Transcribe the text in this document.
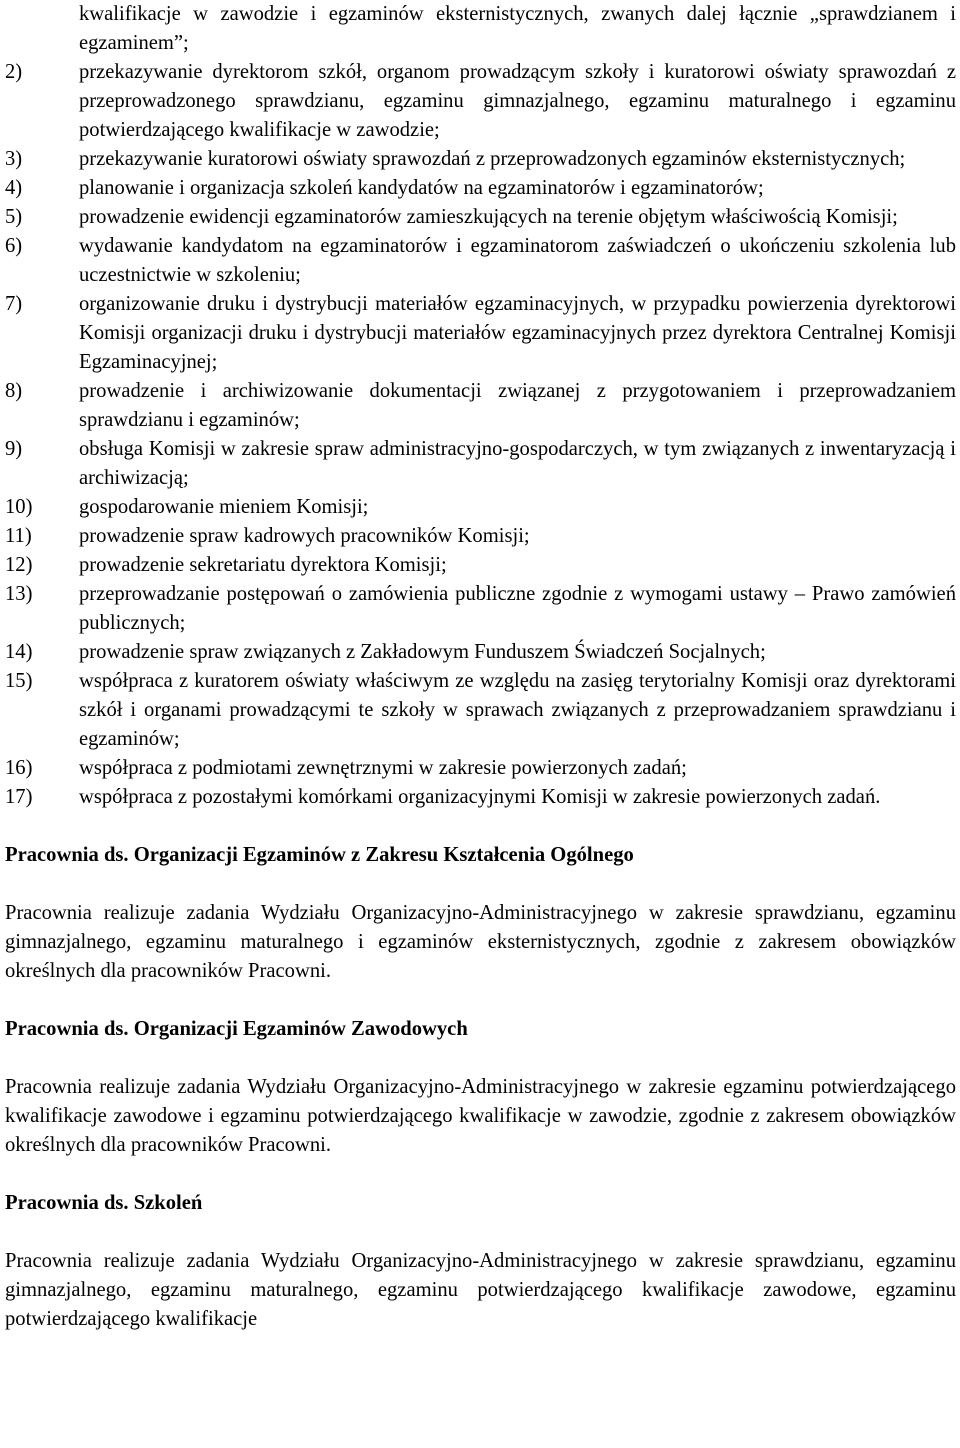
kwalifikacje w zawodzie i egzaminów eksternistycznych, zwanych dalej łącznie „sprawdzianem i egzaminem”;
2)	przekazywanie dyrektorom szkół, organom prowadzącym szkoły i kuratorowi oświaty sprawozdań z przeprowadzonego sprawdzianu, egzaminu gimnazjalnego, egzaminu maturalnego i egzaminu potwierdzającego kwalifikacje w zawodzie;
3)	przekazywanie kuratorowi oświaty sprawozdań z przeprowadzonych egzaminów eksternistycznych;
4)	planowanie i organizacja szkoleń kandydatów na egzaminatorów i egzaminatorów;
5)	prowadzenie ewidencji egzaminatorów zamieszkujących na terenie objętym właściwością Komisji;
6)	wydawanie kandydatom na egzaminatorów i egzaminatorom zaświadczeń o ukończeniu szkolenia lub uczestnictwie w szkoleniu;
7)	organizowanie druku i dystrybucji materiałów egzaminacyjnych, w przypadku powierzenia dyrektorowi Komisji organizacji druku i dystrybucji materiałów egzaminacyjnych przez dyrektora Centralnej Komisji Egzaminacyjnej;
8)	prowadzenie i archiwizowanie dokumentacji związanej z przygotowaniem i przeprowadzaniem sprawdzianu i egzaminów;
9)	obsługa Komisji w zakresie spraw administracyjno-gospodarczych, w tym związanych z inwentaryzacją i archiwizacją;
10) gospodarowanie mieniem Komisji;
11) prowadzenie spraw kadrowych pracowników Komisji;
12) prowadzenie sekretariatu dyrektora Komisji;
13) przeprowadzanie postępowań o zamówienia publiczne zgodnie z wymogami ustawy – Prawo zamówień publicznych;
14) prowadzenie spraw związanych z Zakładowym Funduszem Świadczeń Socjalnych;
15) współpraca z kuratorem oświaty właściwym ze względu na zasięg terytorialny Komisji oraz dyrektorami szkół i organami prowadzącymi te szkoły w sprawach związanych z przeprowadzaniem sprawdzianu i egzaminów;
16) współpraca z podmiotami zewnętrznymi w zakresie powierzonych zadań;
17) współpraca z pozostałymi komórkami organizacyjnymi Komisji w zakresie powierzonych zadań.

Pracownia ds. Organizacji Egzaminów z Zakresu Kształcenia Ogólnego

Pracownia realizuje zadania Wydziału Organizacyjno-Administracyjnego w zakresie sprawdzianu, egzaminu gimnazjalnego, egzaminu maturalnego i egzaminów eksternistycznych, zgodnie z zakresem obowiązków określnych dla pracowników Pracowni.

Pracownia ds. Organizacji Egzaminów Zawodowych

Pracownia realizuje zadania Wydziału Organizacyjno-Administracyjnego w zakresie egzaminu potwierdzającego kwalifikacje zawodowe i egzaminu potwierdzającego kwalifikacje w zawodzie, zgodnie z zakresem obowiązków określnych dla pracowników Pracowni.

Pracownia ds. Szkoleń

Pracownia realizuje zadania Wydziału Organizacyjno-Administracyjnego w zakresie sprawdzianu, egzaminu gimnazjalnego, egzaminu maturalnego, egzaminu potwierdzającego kwalifikacje zawodowe, egzaminu potwierdzającego kwalifikacje
